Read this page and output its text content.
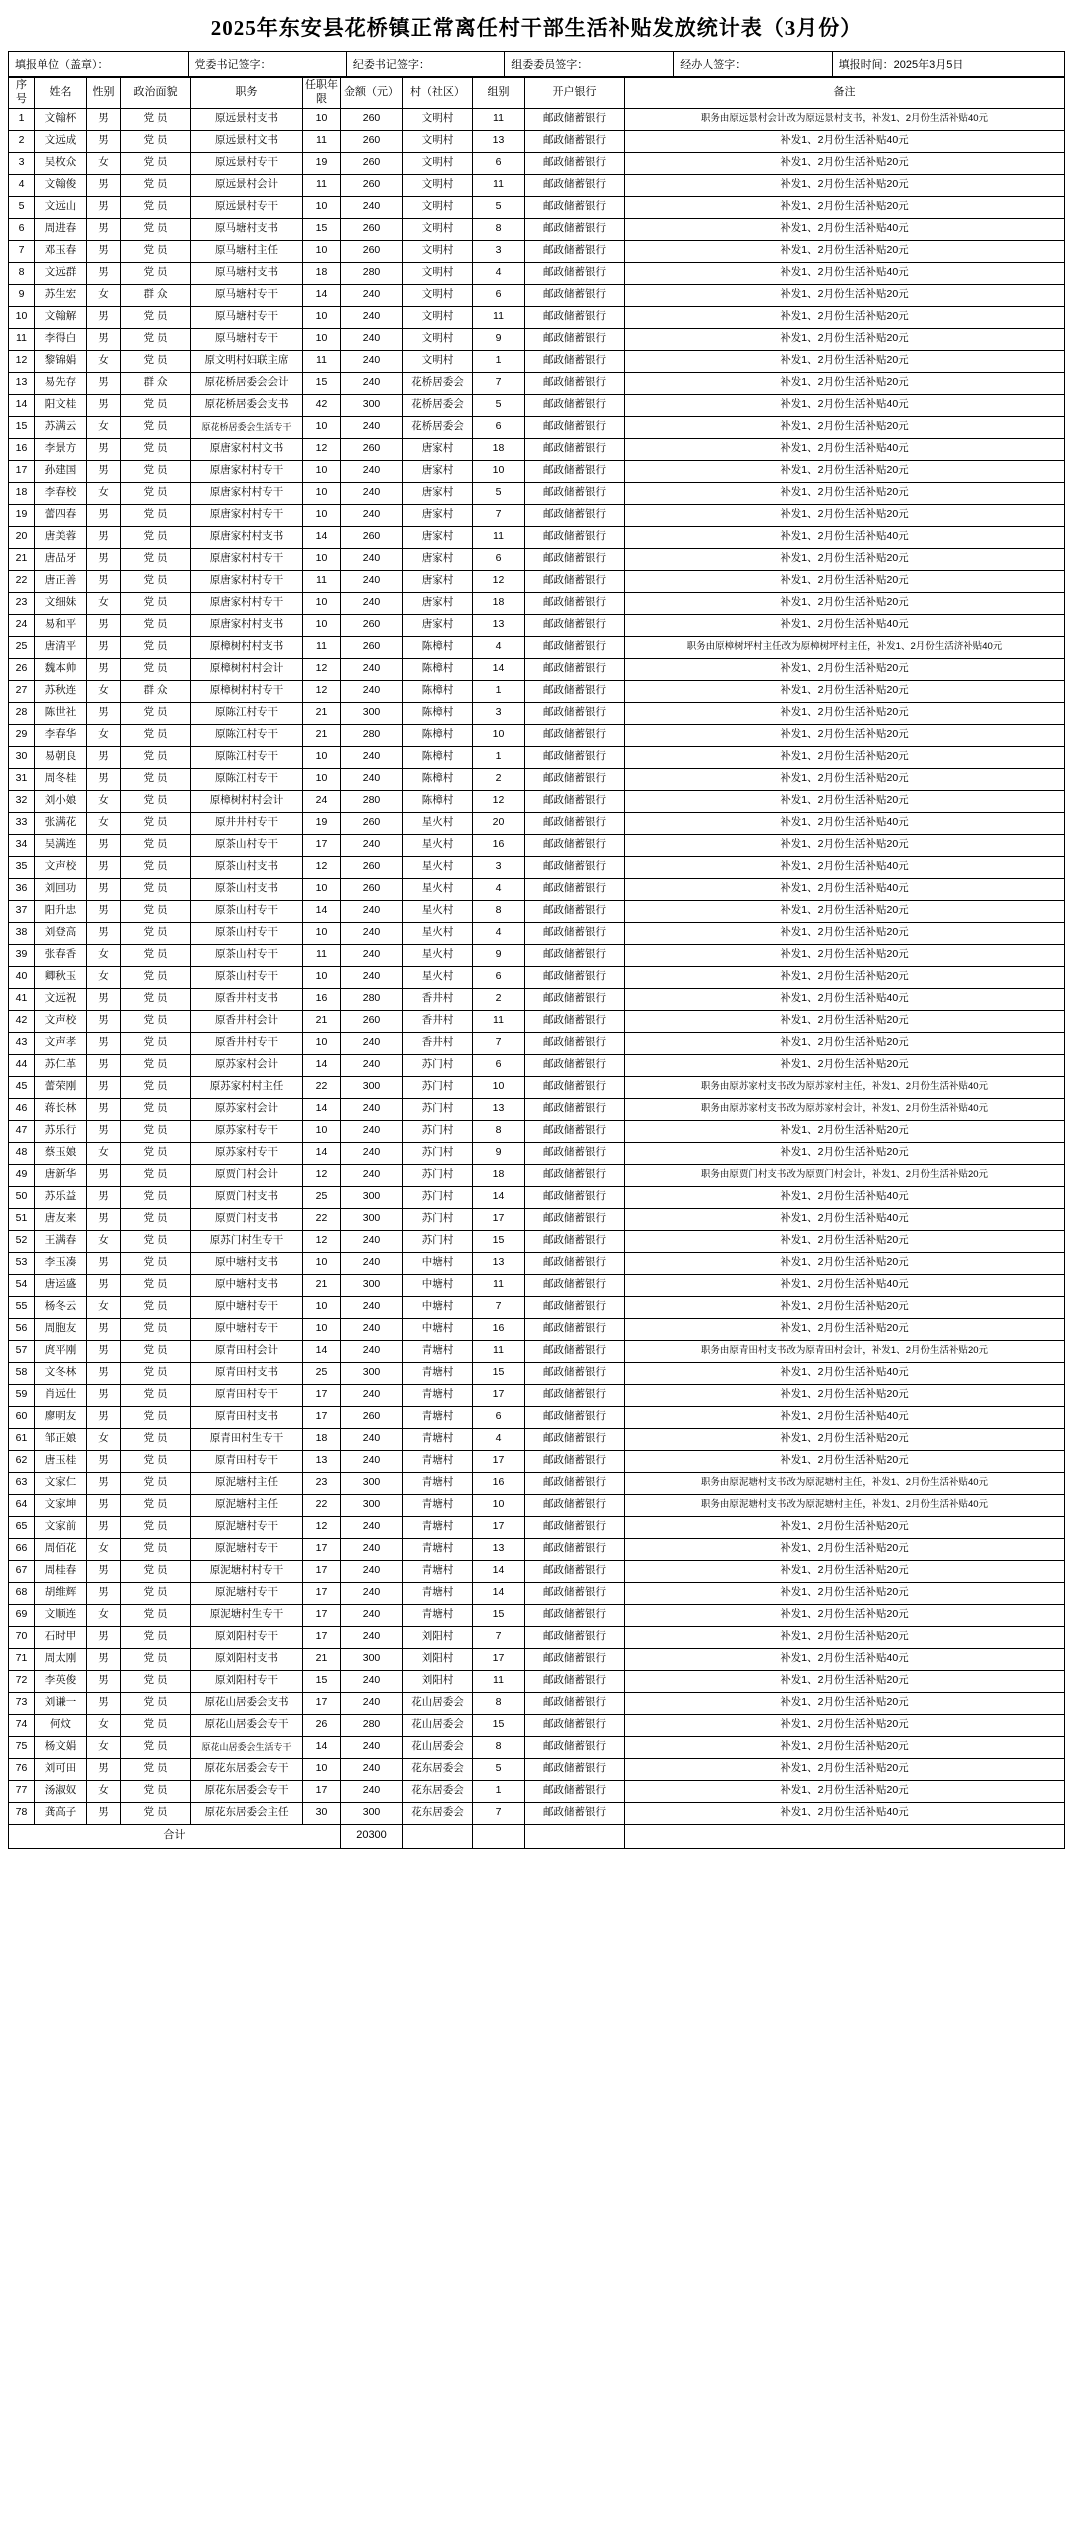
2025年东安县花桥镇正常离任村干部生活补贴发放统计表（3月份）
填报单位（盖章）：	党委书记签字：	纪委书记签字：	组委委员签字：	经办人签字：	填报时间：2025年3月5日
序号	姓名	性别	政治面貌	职务	任职年限	金额（元）	村（社区）	组别	开户银行	备注
1	文翰杯	男	党 员	原远景村支书	10	260	文明村	11	邮政储蓄银行	职务由原远景村会计改为原远景村支书，补发1、2月份生活补贴40元
2	文远成	男	党 员	原远景村文书	11	260	文明村	13	邮政储蓄银行	补发1、2月份生活补贴40元
3	吴枚众	女	党 员	原远景村专干	19	260	文明村	6	邮政储蓄银行	补发1、2月份生活补贴20元
4	文翰俊	男	党 员	原远景村会计	11	260	文明村	11	邮政储蓄银行	补发1、2月份生活补贴20元
5	文远山	男	党 员	原远景村专干	10	240	文明村	5	邮政储蓄银行	补发1、2月份生活补贴20元
6	周进春	男	党 员	原马塘村支书	15	260	文明村	8	邮政储蓄银行	补发1、2月份生活补贴40元
7	邓玉春	男	党 员	原马塘村主任	10	260	文明村	3	邮政储蓄银行	补发1、2月份生活补贴20元
8	文远群	男	党 员	原马塘村支书	18	280	文明村	4	邮政储蓄银行	补发1、2月份生活补贴40元
9	苏生宏	女	群 众	原马塘村专干	14	240	文明村	6	邮政储蓄银行	补发1、2月份生活补贴20元
10	文翰解	男	党 员	原马塘村专干	10	240	文明村	11	邮政储蓄银行	补发1、2月份生活补贴20元
11	李得白	男	党 员	原马塘村专干	10	240	文明村	9	邮政储蓄银行	补发1、2月份生活补贴20元
12	黎锦娟	女	党 员	原文明村妇联主席	11	240	文明村	1	邮政储蓄银行	补发1、2月份生活补贴20元
13	易先存	男	群 众	原花桥居委会会计	15	240	花桥居委会	7	邮政储蓄银行	补发1、2月份生活补贴20元
14	阳文桂	男	党 员	原花桥居委会支书	42	300	花桥居委会	5	邮政储蓄银行	补发1、2月份生活补贴40元
15	苏满云	女	党 员	原花桥居委会生活专干	10	240	花桥居委会	6	邮政储蓄银行	补发1、2月份生活补贴20元
16	李景方	男	党 员	原唐家村村文书	12	260	唐家村	18	邮政储蓄银行	补发1、2月份生活补贴40元
17	孙建国	男	党 员	原唐家村村专干	10	240	唐家村	10	邮政储蓄银行	补发1、2月份生活补贴20元
18	李春校	女	党 员	原唐家村村专干	10	240	唐家村	5	邮政储蓄银行	补发1、2月份生活补贴20元
19	蕾四春	男	党 员	原唐家村村专干	10	240	唐家村	7	邮政储蓄银行	补发1、2月份生活补贴20元
20	唐美蓉	男	党 员	原唐家村村支书	14	260	唐家村	11	邮政储蓄银行	补发1、2月份生活补贴40元
21	唐品牙	男	党 员	原唐家村村专干	10	240	唐家村	6	邮政储蓄银行	补发1、2月份生活补贴20元
22	唐正善	男	党 员	原唐家村村专干	11	240	唐家村	12	邮政储蓄银行	补发1、2月份生活补贴20元
23	文细妹	女	党 员	原唐家村村专干	10	240	唐家村	18	邮政储蓄银行	补发1、2月份生活补贴20元
24	易和平	男	党 员	原唐家村村支书	10	260	唐家村	13	邮政储蓄银行	补发1、2月份生活补贴40元
25	唐清平	男	党 员	原樟树村村支书	11	260	陈樟村	4	邮政储蓄银行	职务由原樟树坪村主任改为原樟树坪村主任，补发1、2月份生活济补贴40元
26	魏本帅	男	党 员	原樟树村村会计	12	240	陈樟村	14	邮政储蓄银行	补发1、2月份生活补贴20元
27	苏秋连	女	群 众	原樟树村村专干	12	240	陈樟村	1	邮政储蓄银行	补发1、2月份生活补贴20元
28	陈世社	男	党 员	原陈江村专干	21	300	陈樟村	3	邮政储蓄银行	补发1、2月份生活补贴20元
29	李春华	女	党 员	原陈江村专干	21	280	陈樟村	10	邮政储蓄银行	补发1、2月份生活补贴20元
30	易朝良	男	党 员	原陈江村专干	10	240	陈樟村	1	邮政储蓄银行	补发1、2月份生活补贴20元
31	周冬桂	男	党 员	原陈江村专干	10	240	陈樟村	2	邮政储蓄银行	补发1、2月份生活补贴20元
32	刘小娘	女	党 员	原樟树村村会计	24	280	陈樟村	12	邮政储蓄银行	补发1、2月份生活补贴20元
33	张满花	女	党 员	原井井村专干	19	260	星火村	20	邮政储蓄银行	补发1、2月份生活补贴40元
34	吴满连	男	党 员	原茶山村专干	17	240	星火村	16	邮政储蓄银行	补发1、2月份生活补贴20元
35	文声校	男	党 员	原茶山村支书	12	260	星火村	3	邮政储蓄银行	补发1、2月份生活补贴40元
36	刘回功	男	党 员	原茶山村支书	10	260	星火村	4	邮政储蓄银行	补发1、2月份生活补贴40元
37	阳升忠	男	党 员	原茶山村专干	14	240	星火村	8	邮政储蓄银行	补发1、2月份生活补贴20元
38	刘登高	男	党 员	原茶山村专干	10	240	星火村	4	邮政储蓄银行	补发1、2月份生活补贴20元
39	张春香	女	党 员	原茶山村专干	11	240	星火村	9	邮政储蓄银行	补发1、2月份生活补贴20元
40	卿秋玉	女	党 员	原茶山村专干	10	240	星火村	6	邮政储蓄银行	补发1、2月份生活补贴20元
41	文远祝	男	党 员	原香井村支书	16	280	香井村	2	邮政储蓄银行	补发1、2月份生活补贴40元
42	文声校	男	党 员	原香井村会计	21	260	香井村	11	邮政储蓄银行	补发1、2月份生活补贴20元
43	文声孝	男	党 员	原香井村专干	10	240	香井村	7	邮政储蓄银行	补发1、2月份生活补贴20元
44	苏仁革	男	党 员	原苏家村会计	14	240	苏门村	6	邮政储蓄银行	补发1、2月份生活补贴20元
45	蕾荣刚	男	党 员	原苏家村村主任	22	300	苏门村	10	邮政储蓄银行	职务由原苏家村支书改为原苏家村主任，补发1、2月份生活补贴40元
46	蒋长林	男	党 员	原苏家村会计	14	240	苏门村	13	邮政储蓄银行	职务由原苏家村支书改为原苏家村会计，补发1、2月份生活补贴40元
47	苏乐行	男	党 员	原苏家村专干	10	240	苏门村	8	邮政储蓄银行	补发1、2月份生活补贴20元
48	蔡玉娘	女	党 员	原苏家村专干	14	240	苏门村	9	邮政储蓄银行	补发1、2月份生活补贴20元
49	唐新华	男	党 员	原贾门村会计	12	240	苏门村	18	邮政储蓄银行	职务由原贾门村支书改为原贾门村会计，补发1、2月份生活补贴20元
50	苏乐益	男	党 员	原贾门村支书	25	300	苏门村	14	邮政储蓄银行	补发1、2月份生活补贴40元
51	唐友来	男	党 员	原贾门村支书	22	300	苏门村	17	邮政储蓄银行	补发1、2月份生活补贴40元
52	王满春	女	党 员	原苏门村生专干	12	240	苏门村	15	邮政储蓄银行	补发1、2月份生活补贴20元
53	李玉凑	男	党 员	原中塘村支书	10	240	中塘村	13	邮政储蓄银行	补发1、2月份生活补贴20元
54	唐运盛	男	党 员	原中塘村支书	21	300	中塘村	11	邮政储蓄银行	补发1、2月份生活补贴40元
55	杨冬云	女	党 员	原中塘村专干	10	240	中塘村	7	邮政储蓄银行	补发1、2月份生活补贴20元
56	周胞友	男	党 员	原中塘村专干	10	240	中塘村	16	邮政储蓄银行	补发1、2月份生活补贴20元
57	庹平刚	男	党 员	原青田村会计	14	240	青塘村	11	邮政储蓄银行	职务由原青田村支书改为原青田村会计，补发1、2月份生活补贴20元
58	文冬林	男	党 员	原青田村支书	25	300	青塘村	15	邮政储蓄银行	补发1、2月份生活补贴40元
59	肖远仕	男	党 员	原青田村专干	17	240	青塘村	17	邮政储蓄银行	补发1、2月份生活补贴20元
60	廖明友	男	党 员	原青田村支书	17	260	青塘村	6	邮政储蓄银行	补发1、2月份生活补贴40元
61	邹正娘	女	党 员	原青田村生专干	18	240	青塘村	4	邮政储蓄银行	补发1、2月份生活补贴20元
62	唐玉桂	男	党 员	原青田村专干	13	240	青塘村	17	邮政储蓄银行	补发1、2月份生活补贴20元
63	文家仁	男	党 员	原泥塘村主任	23	300	青塘村	16	邮政储蓄银行	职务由原泥塘村支书改为原泥塘村主任，补发1、2月份生活补贴40元
64	文家坤	男	党 员	原泥塘村主任	22	300	青塘村	10	邮政储蓄银行	职务由原泥塘村支书改为原泥塘村主任，补发1、2月份生活补贴40元
65	文家前	男	党 员	原泥塘村专干	12	240	青塘村	17	邮政储蓄银行	补发1、2月份生活补贴20元
66	周佰花	女	党 员	原泥塘村专干	17	240	青塘村	13	邮政储蓄银行	补发1、2月份生活补贴20元
67	周桂春	男	党 员	原泥塘村村专干	17	240	青塘村	14	邮政储蓄银行	补发1、2月份生活补贴20元
68	胡维辉	男	党 员	原泥塘村专干	17	240	青塘村	14	邮政储蓄银行	补发1、2月份生活补贴20元
69	文顺连	女	党 员	原泥塘村生专干	17	240	青塘村	15	邮政储蓄银行	补发1、2月份生活补贴20元
70	石时甲	男	党 员	原刘阳村专干	17	240	刘阳村	7	邮政储蓄银行	补发1、2月份生活补贴20元
71	周太刚	男	党 员	原刘阳村支书	21	300	刘阳村	17	邮政储蓄银行	补发1、2月份生活补贴40元
72	李英俊	男	党 员	原刘阳村专干	15	240	刘阳村	11	邮政储蓄银行	补发1、2月份生活补贴20元
73	刘谦一	男	党 员	原花山居委会支书	17	240	花山居委会	8	邮政储蓄银行	补发1、2月份生活补贴20元
74	何炆	女	党 员	原花山居委会专干	26	280	花山居委会	15	邮政储蓄银行	补发1、2月份生活补贴20元
75	杨文娟	女	党 员	原花山居委会生活专干	14	240	花山居委会	8	邮政储蓄银行	补发1、2月份生活补贴20元
76	刘可田	男	党 员	原花东居委会专干	10	240	花东居委会	5	邮政储蓄银行	补发1、2月份生活补贴20元
77	汤淑奴	女	党 员	原花东居委会专干	17	240	花东居委会	1	邮政储蓄银行	补发1、2月份生活补贴20元
78	龚高子	男	党 员	原花东居委会主任	30	300	花东居委会	7	邮政储蓄银行	补发1、2月份生活补贴40元
合计						20300				
